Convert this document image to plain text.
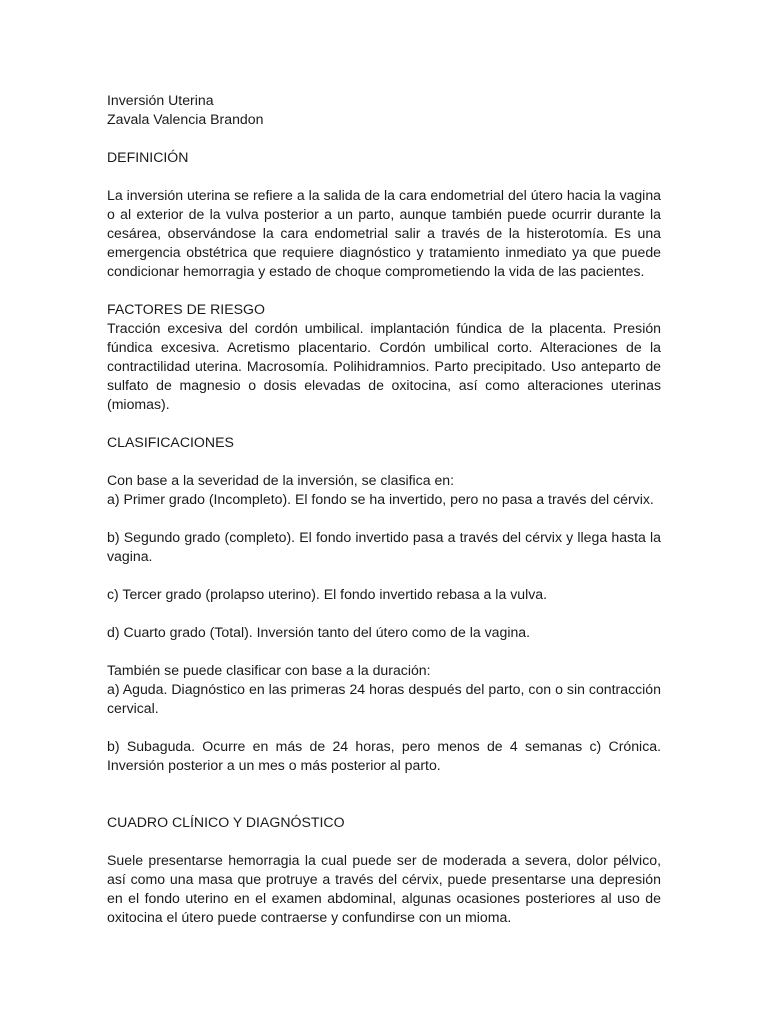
Inversión Uterina

Zavala Valencia Brandon

DEFINICIÓN

La inversión uterina se refiere a la salida de la cara endometrial del útero hacia la vagina o al exterior de la vulva posterior a un parto, aunque también puede ocurrir durante la cesárea, observándose la cara endometrial salir a través de la histerotomía. Es una emergencia obstétrica que requiere diagnóstico y tratamiento inmediato ya que puede condicionar hemorragia y estado de choque comprometiendo la vida de las pacientes.

FACTORES DE RIESGO

Tracción excesiva del cordón umbilical. implantación fúndica de la placenta. Presión fúndica excesiva. Acretismo placentario. Cordón umbilical corto. Alteraciones de la contractilidad uterina. Macrosomía. Polihidramnios. Parto precipitado. Uso anteparto de sulfato de magnesio o dosis elevadas de oxitocina, así como alteraciones uterinas (miomas).

CLASIFICACIONES

Con base a la severidad de la inversión, se clasifica en:

a) Primer grado (Incompleto). El fondo se ha invertido, pero no pasa a través del cérvix.

b) Segundo grado (completo). El fondo invertido pasa a través del cérvix y llega hasta la vagina.

c) Tercer grado (prolapso uterino). El fondo invertido rebasa a la vulva.

d) Cuarto grado (Total). Inversión tanto del útero como de la vagina.

También se puede clasificar con base a la duración:

a) Aguda. Diagnóstico en las primeras 24 horas después del parto, con o sin contracción cervical.

b) Subaguda. Ocurre en más de 24 horas, pero menos de 4 semanas c) Crónica. Inversión posterior a un mes o más posterior al parto.

CUADRO CLÍNICO Y DIAGNÓSTICO

Suele presentarse hemorragia la cual puede ser de moderada a severa, dolor pélvico, así como una masa que protruye a través del cérvix, puede presentarse una depresión en el fondo uterino en el examen abdominal, algunas ocasiones posteriores al uso de oxitocina el útero puede contraerse y confundirse con un mioma.
